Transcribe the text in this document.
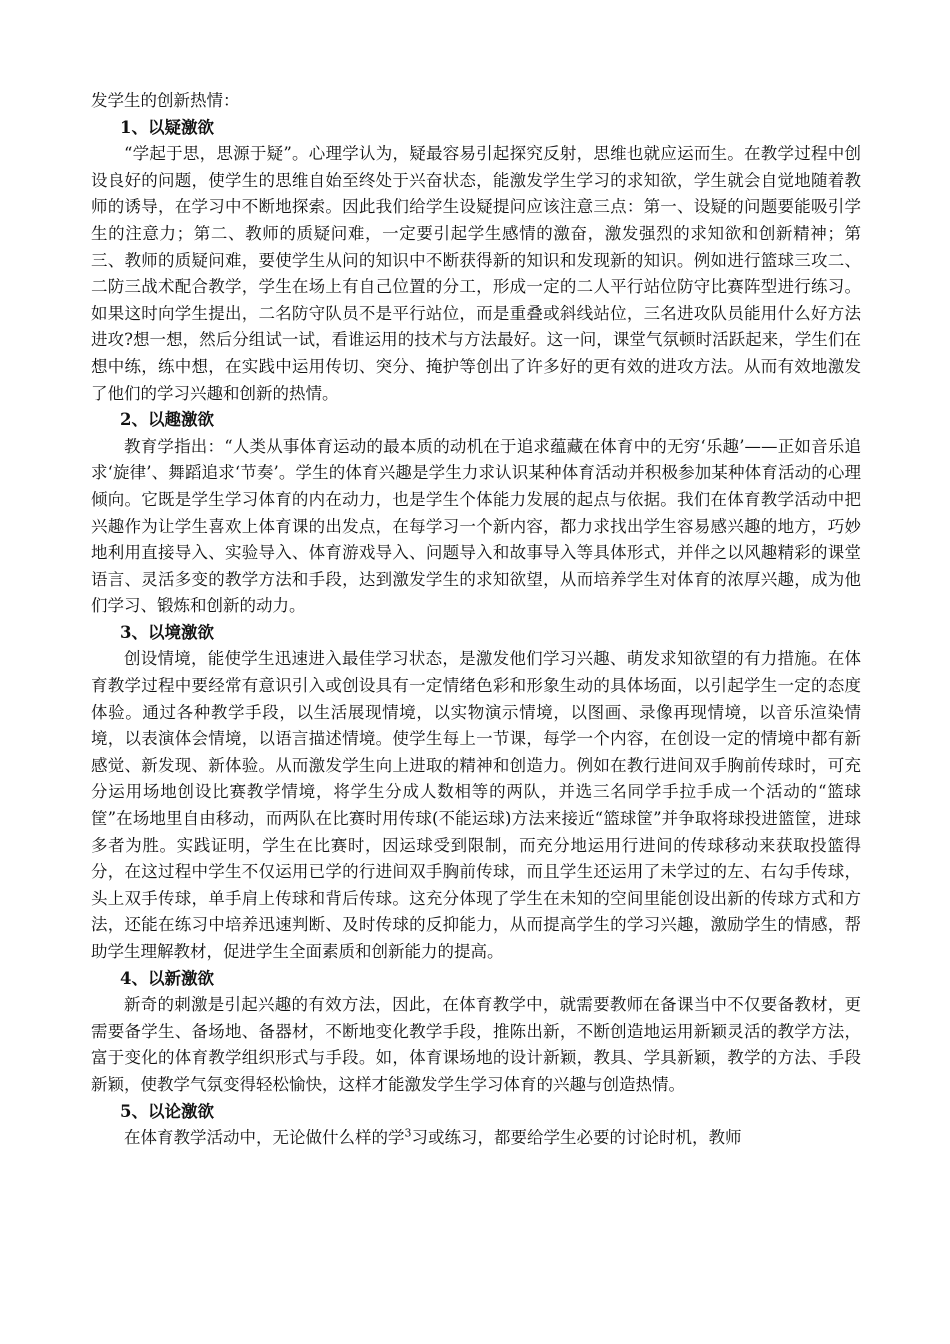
发学生的创新热情：

1、以疑激欲

“学起于思，思源于疑”。心理学认为，疑最容易引起探究反射，思维也就应运而生。在教学过程中创设良好的问题，使学生的思维自始至终处于兴奋状态，能激发学生学习的求知欲，学生就会自觉地随着教师的诱导，在学习中不断地探索。因此我们给学生设疑提问应该注意三点：第一、设疑的问题要能吸引学生的注意力；第二、教师的质疑问难，一定要引起学生感情的激奋，激发强烈的求知欲和创新精神；第三、教师的质疑问难，要使学生从问的知识中不断获得新的知识和发现新的知识。例如进行篮球三攻二、二防三战术配合教学，学生在场上有自己位置的分工，形成一定的二人平行站位防守比赛阵型进行练习。如果这时向学生提出，二名防守队员不是平行站位，而是重叠或斜线站位，三名进攻队员能用什么好方法进攻?想一想，然后分组试一试，看谁运用的技术与方法最好。这一问，课堂气氛顿时活跃起来，学生们在想中练，练中想，在实践中运用传切、突分、掩护等创出了许多好的更有效的进攻方法。从而有效地激发了他们的学习兴趣和创新的热情。

2、以趣激欲

教育学指出：“人类从事体育运动的最本质的动机在于追求蕴藏在体育中的无穷‘乐趣’——正如音乐追求‘旋律’、舞蹈追求‘节奏’。学生的体育兴趣是学生力求认识某种体育活动并积极参加某种体育活动的心理倾向。它既是学生学习体育的内在动力，也是学生个体能力发展的起点与依据。我们在体育教学活动中把兴趣作为让学生喜欢上体育课的出发点，在每学习一个新内容，都力求找出学生容易感兴趣的地方，巧妙地利用直接导入、实验导入、体育游戏导入、问题导入和故事导入等具体形式，并伴之以风趣精彩的课堂语言、灵活多变的教学方法和手段，达到激发学生的求知欲望，从而培养学生对体育的浓厚兴趣，成为他们学习、锻炼和创新的动力。

3、以境激欲

创设情境，能使学生迅速进入最佳学习状态，是激发他们学习兴趣、萌发求知欲望的有力措施。在体育教学过程中要经常有意识引入或创设具有一定情绪色彩和形象生动的具体场面，以引起学生一定的态度体验。通过各种教学手段，以生活展现情境，以实物演示情境，以图画、录像再现情境，以音乐渲染情境，以表演体会情境，以语言描述情境。使学生每上一节课，每学一个内容，在创设一定的情境中都有新感觉、新发现、新体验。从而激发学生向上进取的精神和创造力。例如在教行进间双手胸前传球时，可充分运用场地创设比赛教学情境，将学生分成人数相等的两队，并选三名同学手拉手成一个活动的“篮球筐”在场地里自由移动，而两队在比赛时用传球(不能运球)方法来接近“篮球筐”并争取将球投进篮筐，进球多者为胜。实践证明，学生在比赛时，因运球受到限制，而充分地运用行进间的传球移动来获取投篮得分，在这过程中学生不仅运用已学的行进间双手胸前传球，而且学生还运用了未学过的左、右勾手传球，头上双手传球，单手肩上传球和背后传球。这充分体现了学生在未知的空间里能创设出新的传球方式和方法，还能在练习中培养迅速判断、及时传球的反抑能力，从而提高学生的学习兴趣，激励学生的情感，帮助学生理解教材，促进学生全面素质和创新能力的提高。

4、以新激欲

新奇的刺激是引起兴趣的有效方法，因此，在体育教学中，就需要教师在备课当中不仅要备教材，更需要备学生、备场地、备器材，不断地变化教学手段，推陈出新，不断创造地运用新颖灵活的教学方法，富于变化的体育教学组织形式与手段。如，体育课场地的设计新颖，教具、学具新颖，教学的方法、手段新颖，使教学气氛变得轻松愉快，这样才能激发学生学习体育的兴趣与创造热情。

5、以论激欲

在体育教学活动中，无论做什么样的学$^3$习或练习，都要给学生必要的讨论时机，教师
